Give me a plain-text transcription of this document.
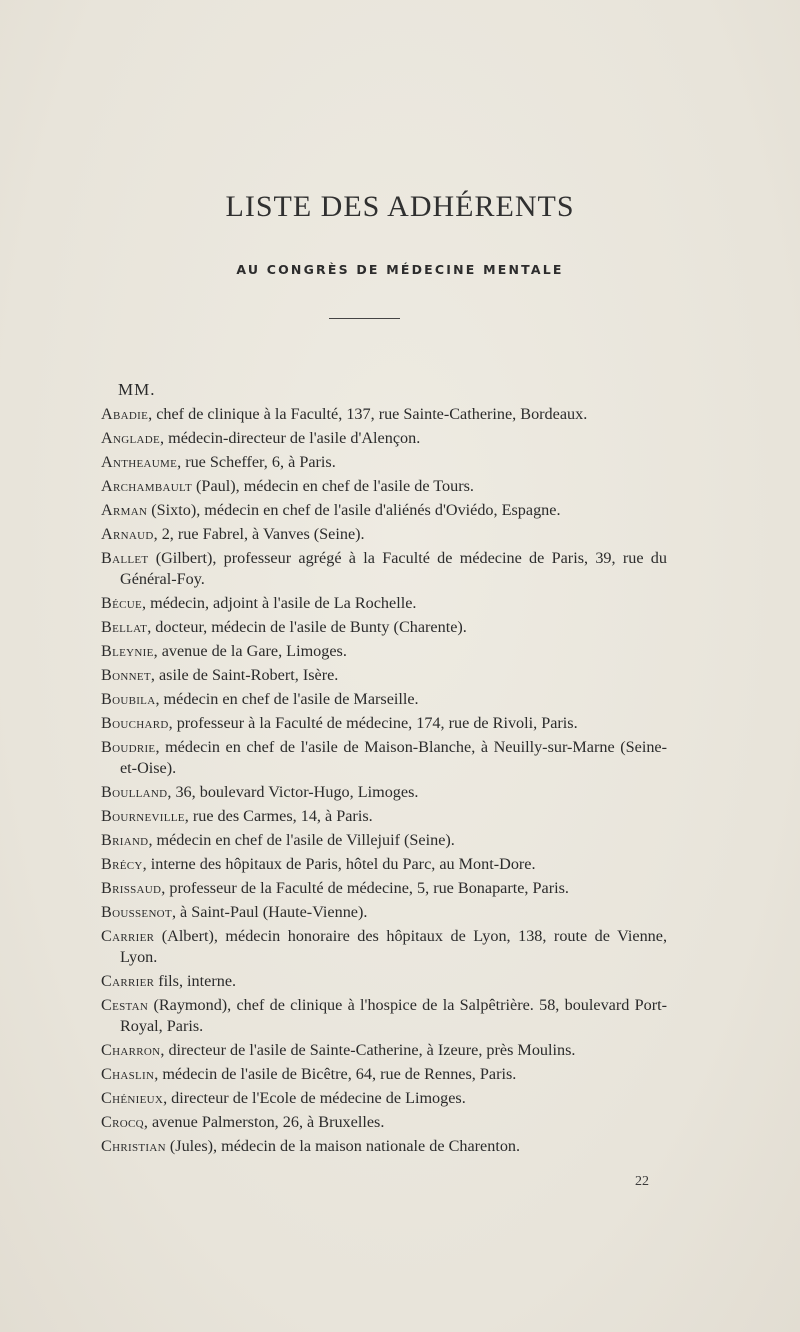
LISTE DES ADHÉRENTS
AU CONGRÈS DE MÉDECINE MENTALE
MM.
Abadie, chef de clinique à la Faculté, 137, rue Sainte-Catherine, Bordeaux.
Anglade, médecin-directeur de l'asile d'Alençon.
Antheaume, rue Scheffer, 6, à Paris.
Archambault (Paul), médecin en chef de l'asile de Tours.
Arman (Sixto), médecin en chef de l'asile d'aliénés d'Oviédo, Espagne.
Arnaud, 2, rue Fabrel, à Vanves (Seine).
Ballet (Gilbert), professeur agrégé à la Faculté de médecine de Paris, 39, rue du Général-Foy.
Bécue, médecin, adjoint à l'asile de La Rochelle.
Bellat, docteur, médecin de l'asile de Bunty (Charente).
Bleynie, avenue de la Gare, Limoges.
Bonnet, asile de Saint-Robert, Isère.
Boubila, médecin en chef de l'asile de Marseille.
Bouchard, professeur à la Faculté de médecine, 174, rue de Rivoli, Paris.
Boudrie, médecin en chef de l'asile de Maison-Blanche, à Neuilly-sur-Marne (Seine-et-Oise).
Boulland, 36, boulevard Victor-Hugo, Limoges.
Bourneville, rue des Carmes, 14, à Paris.
Briand, médecin en chef de l'asile de Villejuif (Seine).
Brécy, interne des hôpitaux de Paris, hôtel du Parc, au Mont-Dore.
Brissaud, professeur de la Faculté de médecine, 5, rue Bonaparte, Paris.
Boussenot, à Saint-Paul (Haute-Vienne).
Carrier (Albert), médecin honoraire des hôpitaux de Lyon, 138, route de Vienne, Lyon.
Carrier fils, interne.
Cestan (Raymond), chef de clinique à l'hospice de la Salpêtrière. 58, boulevard Port-Royal, Paris.
Charron, directeur de l'asile de Sainte-Catherine, à Izeure, près Moulins.
Chaslin, médecin de l'asile de Bicêtre, 64, rue de Rennes, Paris.
Chénieux, directeur de l'Ecole de médecine de Limoges.
Crocq, avenue Palmerston, 26, à Bruxelles.
Christian (Jules), médecin de la maison nationale de Charenton.
22
